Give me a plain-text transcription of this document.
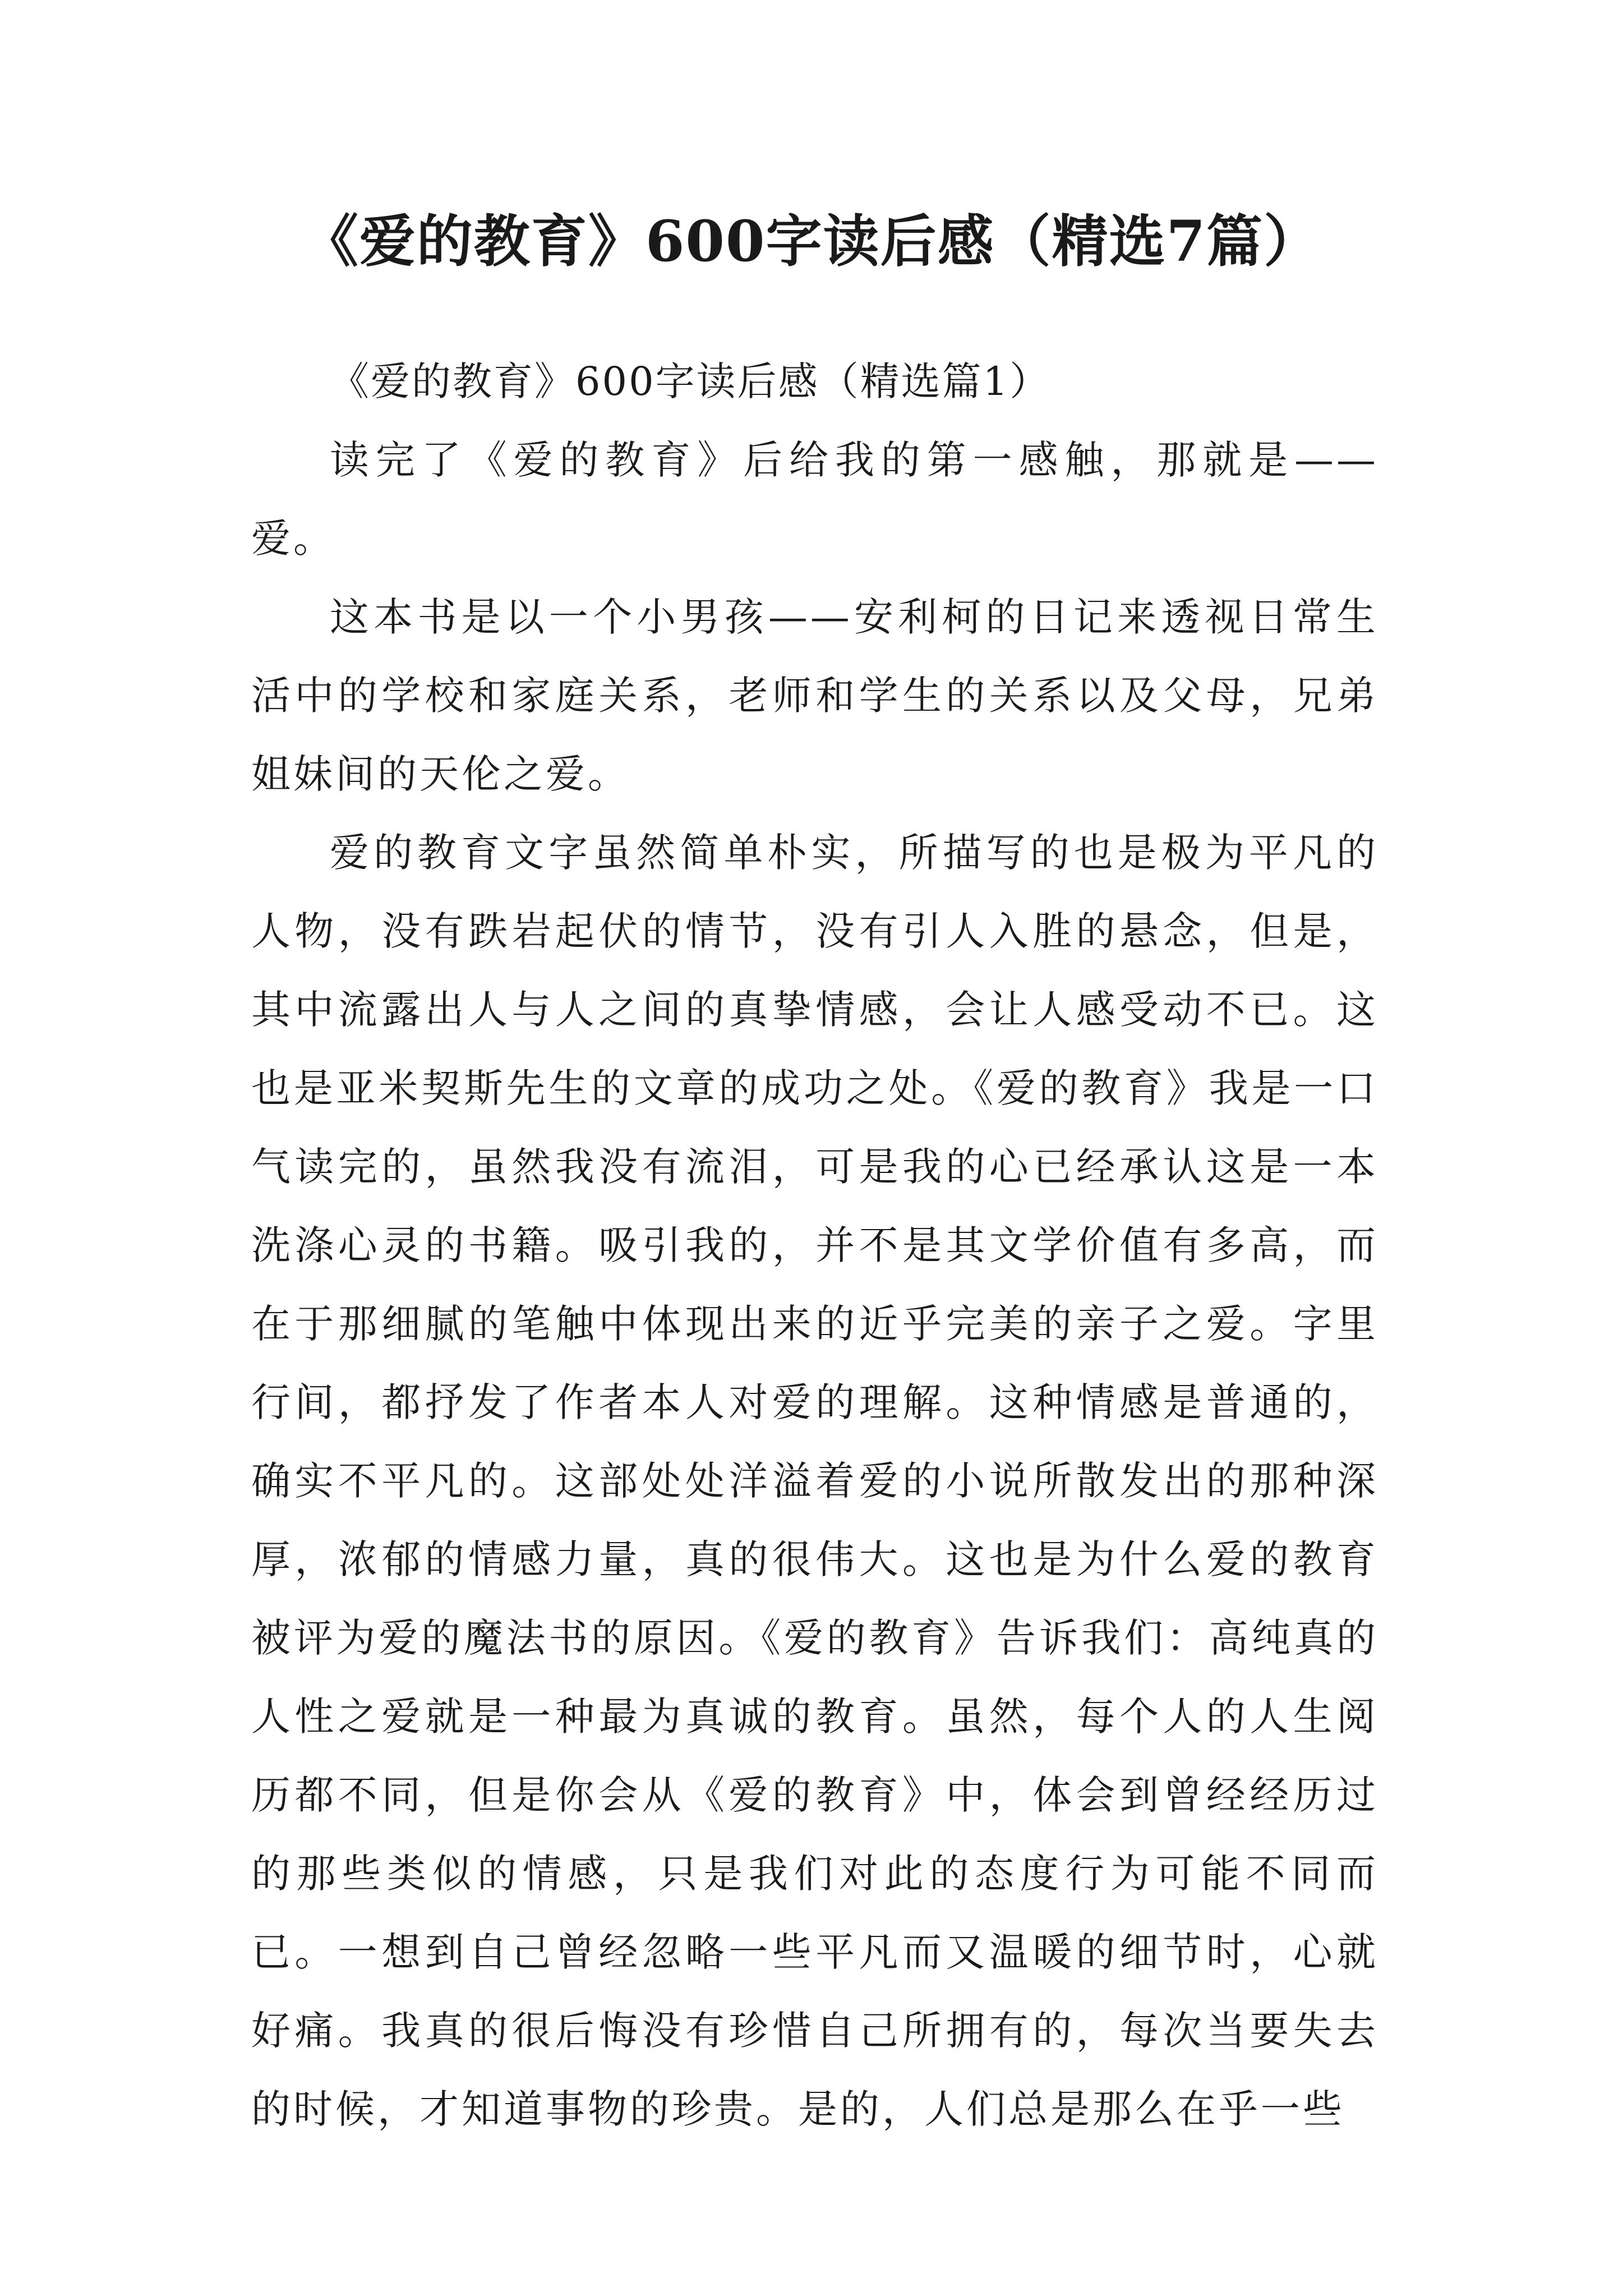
《爱的教育》600字读后感（精选7篇）

《爱的教育》600字读后感（精选篇1）

读完了《爱的教育》后给我的第一感触，那就是——爱。

这本书是以一个小男孩——安利柯的日记来透视日常生活中的学校和家庭关系，老师和学生的关系以及父母，兄弟姐妹间的天伦之爱。

爱的教育文字虽然简单朴实，所描写的也是极为平凡的人物，没有跌岩起伏的情节，没有引人入胜的悬念，但是，其中流露出人与人之间的真挚情感，会让人感受动不已。这也是亚米契斯先生的文章的成功之处。《爱的教育》我是一口气读完的，虽然我没有流泪，可是我的心已经承认这是一本洗涤心灵的书籍。吸引我的，并不是其文学价值有多高，而在于那细腻的笔触中体现出来的近乎完美的亲子之爱。字里行间，都抒发了作者本人对爱的理解。这种情感是普通的，确实不平凡的。这部处处洋溢着爱的小说所散发出的那种深厚，浓郁的情感力量，真的很伟大。这也是为什么爱的教育被评为爱的魔法书的原因。《爱的教育》告诉我们：高纯真的人性之爱就是一种最为真诚的教育。虽然，每个人的人生阅历都不同，但是你会从《爱的教育》中，体会到曾经经历过的那些类似的情感，只是我们对此的态度行为可能不同而已。一想到自己曾经忽略一些平凡而又温暖的细节时，心就好痛。我真的很后悔没有珍惜自己所拥有的，每次当要失去的时候，才知道事物的珍贵。是的，人们总是那么在乎一些
